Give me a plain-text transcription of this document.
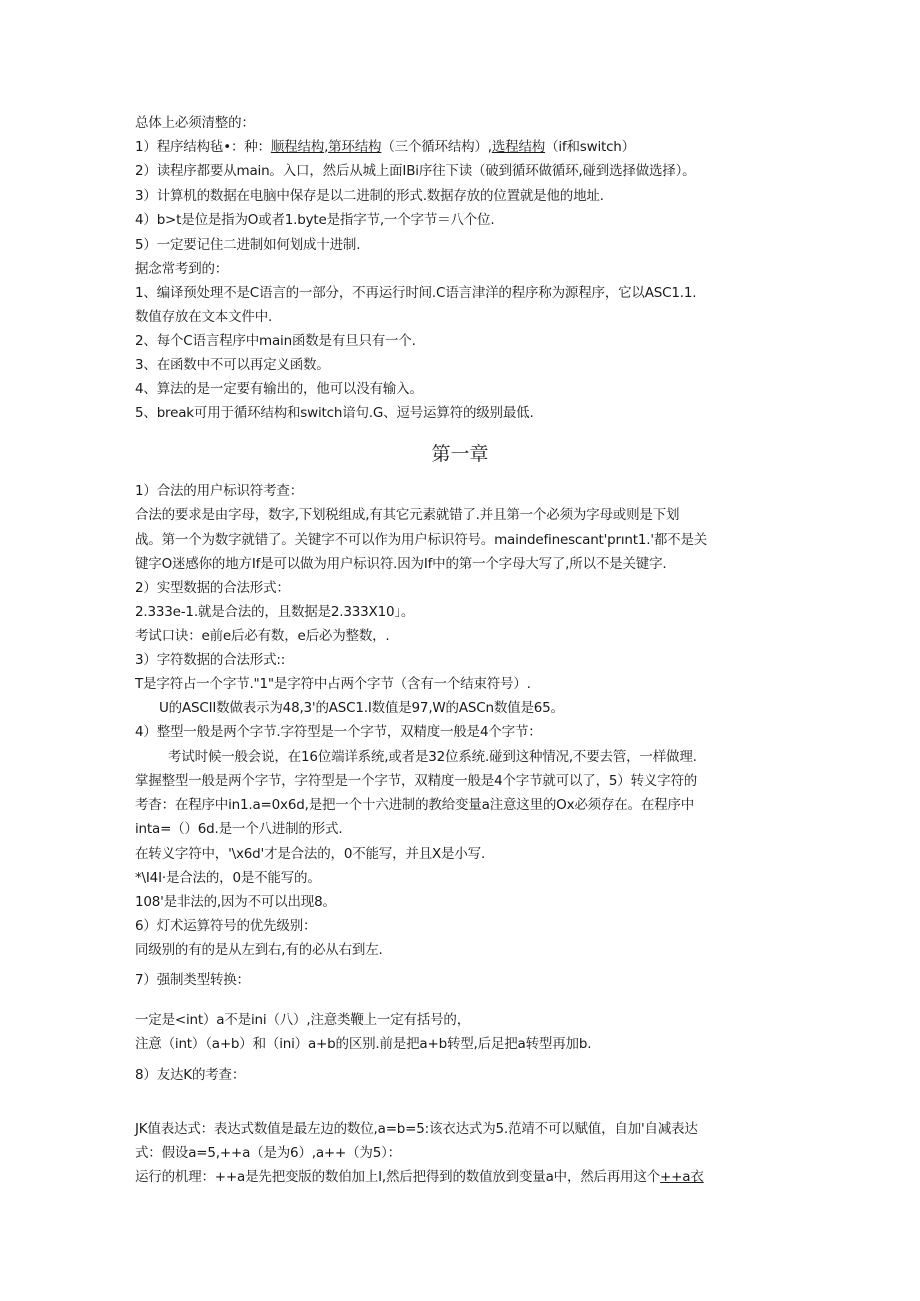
总体上必须清整的：
1）程序结构毡•：种：顺程结构,第环结构（三个循环结构）,选程结构（if和switch）
2）读程序都要从main。入口，然后从城上面IBi序往下读（破到循环做循环,碰到选择做选择）。
3）计算机的数据在电脑中保存是以二进制的形式.数据存放的位置就是他的地址.
4）b>t是位是指为O或者1.byte是指字节,一个字节＝八个位.
5）一定要记住二进制如何划成十进制.
据念常考到的：
1、编译预处理不是C语言的一部分，不再运行时间.C语言津洋的程序称为源程序，它以ASC1.1.
数值存放在文本文件中.
2、每个C语言程序中main函数是有旦只有一个.
3、在函数中不可以再定义函数。
4、算法的是一定要有输出的，他可以没有输入。
5、break可用于循环结构和switch谙句.G、逗号运算符的级别最低.
第一章
1）合法的用户标识符考查：
合法的要求是由字母，数字,下划税组成,有其它元素就错了.并且第一个必须为字母或则是下划
战。第一个为数字就错了。关键字不可以作为用户标识符号。maindefinescant'prınt1.'都不是关
键字O迷感你的地方If是可以做为用户标识符.因为If中的第一个字母大写了,所以不是关键字.
2）实型数据的合法形式：
2.333e-1.就是合法的，且数据是2.333X10」。
考试口诀：e前e后必有数，e后必为整数，.
3）字符数据的合法形式::
T是字符占一个字节."1"是字符中占两个字节（含有一个结束符号）.
U的ASCII数做表示为48,3'的ASC1.I数值是97,W的ASCn数值是65。
4）整型一般是两个字节.字符型是一个字节，双精度一般是4个字节：
考试时候一般会说，在16位端详系统,或者是32位系统.碰到这种情况,不要去管，一样做理.
掌握整型一般是两个字节，字符型是一个字节，双精度一般是4个字节就可以了，5）转义字符的
考杳：在程序中in1.a=0x6d,是把一个十六进制的教给变量a注意这里的Ox必须存在。在程序中
inta=（）6d.是一个八进制的形式.
在转义字符中，'\x6d'才是合法的，0不能写，并且X是小写.
*\I4I·是合法的，0是不能写的。
108'是非法的,因为不可以出现8。
6）灯术运算符号的优先级别：
同级别的有的是从左到右,有的必从右到左.
7）强制类型转换：
一定是<int）a不是ini（八）,注意类鞭上一定有括号的，
注意（int）（a+b）和（ini）a+b的区别.前是把a+b转型,后足把a转型再加b.
8）友达K的考查：
JK值表达式：表达式数值是最左边的数位,a=b=5:该衣达式为5.范靖不可以赋值，自加'自减表达
式：假设a=5,++a（是为6）,a++（为5）：
运行的机理：++a是先把变版的数伯加上I,然后把得到的数值放到变量a中，然后再用这个++a衣
